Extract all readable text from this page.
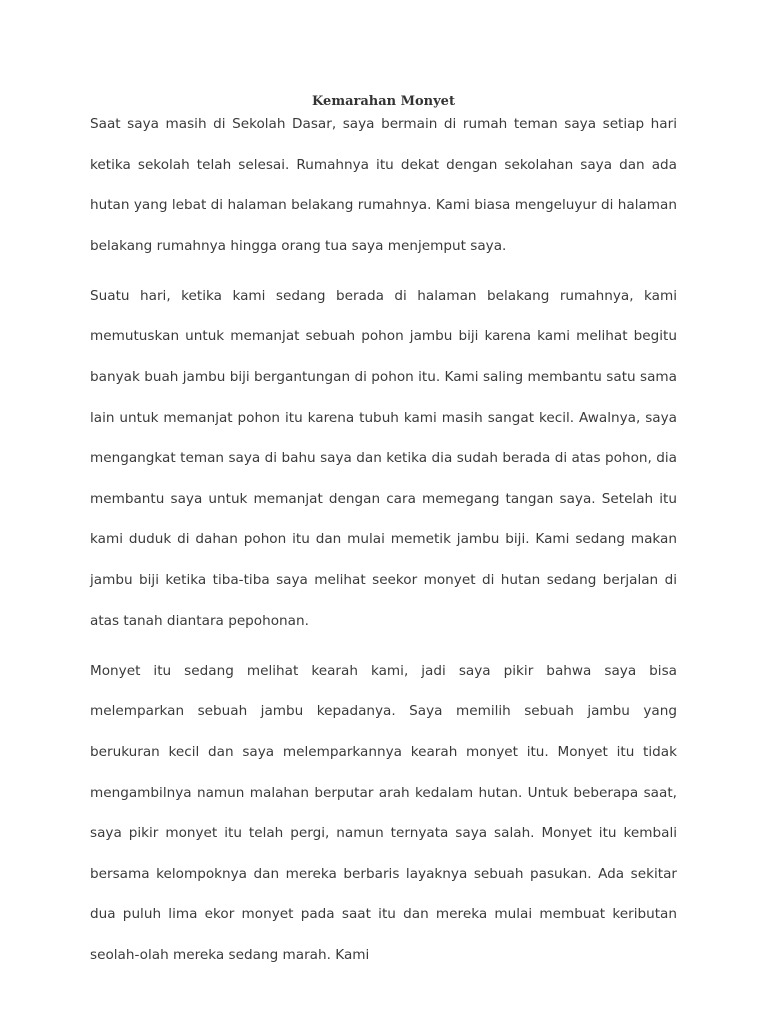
Kemarahan Monyet

Saat saya masih di Sekolah Dasar, saya bermain di rumah teman saya setiap hari ketika sekolah telah selesai. Rumahnya itu dekat dengan sekolahan saya dan ada hutan yang lebat di halaman belakang rumahnya. Kami biasa mengeluyur di halaman belakang rumahnya hingga orang tua saya menjemput saya.

Suatu hari, ketika kami sedang berada di halaman belakang rumahnya, kami memutuskan untuk memanjat sebuah pohon jambu biji karena kami melihat begitu banyak buah jambu biji bergantungan di pohon itu. Kami saling membantu satu sama lain untuk memanjat pohon itu karena tubuh kami masih sangat kecil. Awalnya, saya mengangkat teman saya di bahu saya dan ketika dia sudah berada di atas pohon, dia membantu saya untuk memanjat dengan cara memegang tangan saya. Setelah itu kami duduk di dahan pohon itu dan mulai memetik jambu biji. Kami sedang makan jambu biji ketika tiba-tiba saya melihat seekor monyet di hutan sedang berjalan di atas tanah diantara pepohonan.

Monyet itu sedang melihat kearah kami, jadi saya pikir bahwa saya bisa melemparkan sebuah jambu kepadanya. Saya memilih sebuah jambu yang berukuran kecil dan saya melemparkannya kearah monyet itu. Monyet itu tidak mengambilnya namun malahan berputar arah kedalam hutan. Untuk beberapa saat, saya pikir monyet itu telah pergi, namun ternyata saya salah. Monyet itu kembali bersama kelompoknya dan mereka berbaris layaknya sebuah pasukan. Ada sekitar dua puluh lima ekor monyet pada saat itu dan mereka mulai membuat keributan seolah-olah mereka sedang marah. Kami
